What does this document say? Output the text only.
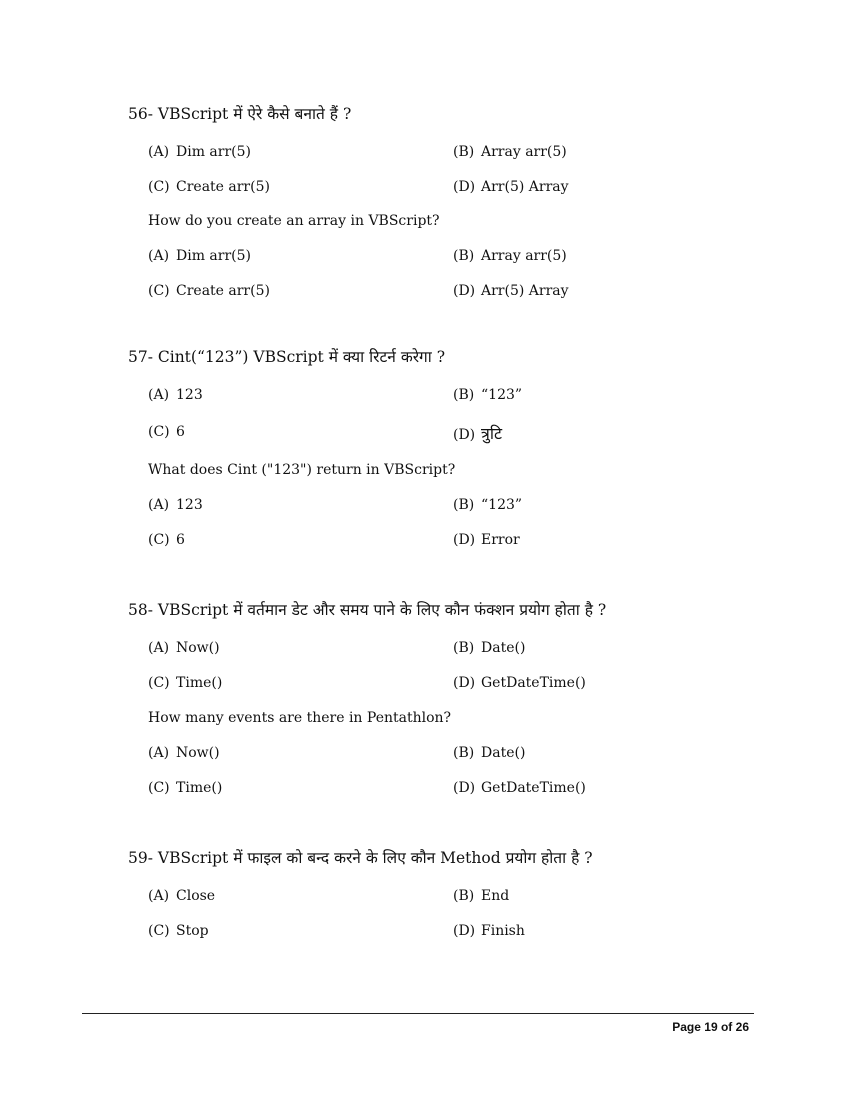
56- VBScript में ऐरे कैसे बनाते हैं ?
(A) Dim arr(5)	(B) Array arr(5)
(C) Create arr(5)	(D) Arr(5) Array
How do you create an array in VBScript?
(A) Dim arr(5)	(B) Array arr(5)
(C) Create arr(5)	(D) Arr(5) Array
57- Cint(“123”) VBScript में क्या रिटर्न करेगा ?
(A) 123	(B) “123”
(C) 6	(D) त्रुटि
What does Cint ("123") return in VBScript?
(A) 123	(B) “123”
(C) 6	(D) Error
58- VBScript में वर्तमान डेट और समय पाने के लिए कौन फंक्शन प्रयोग होता है ?
(A) Now()	(B) Date()
(C) Time()	(D) GetDateTime()
How many events are there in Pentathlon?
(A) Now()	(B) Date()
(C) Time()	(D) GetDateTime()
59- VBScript में फाइल को बन्द करने के लिए कौन Method प्रयोग होता है ?
(A) Close	(B) End
(C) Stop	(D) Finish
Page 19 of 26
